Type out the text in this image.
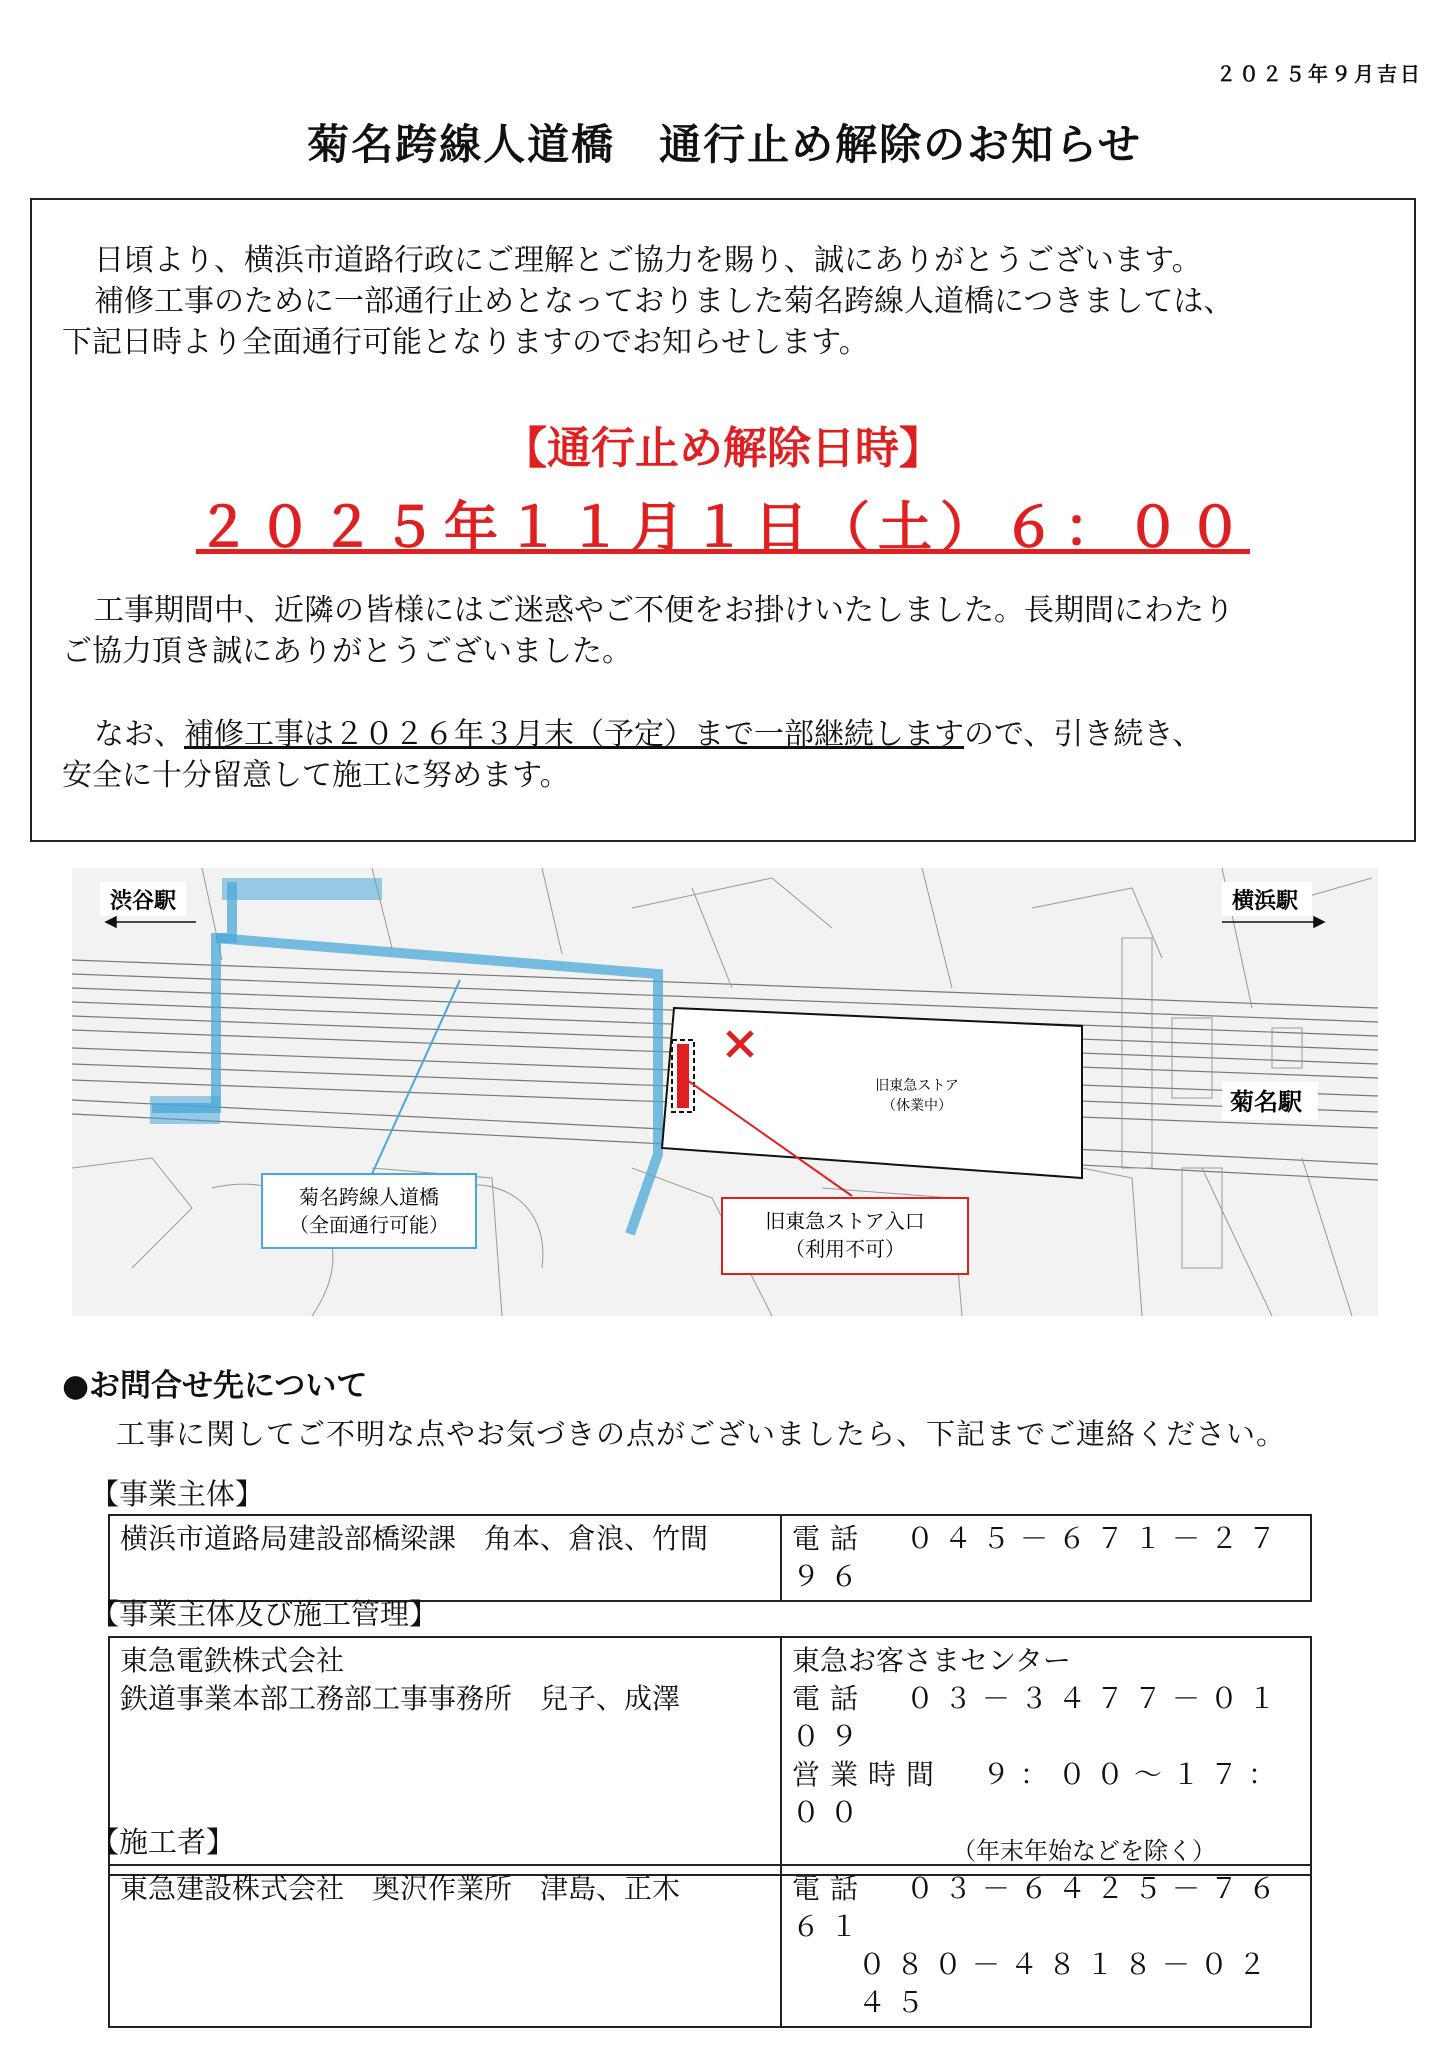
２０２５年９月吉日
菊名跨線人道橋　通行止め解除のお知らせ
　日頃より、横浜市道路行政にご理解とご協力を賜り、誠にありがとうございます。
　補修工事のために一部通行止めとなっておりました菊名跨線人道橋につきましては、
下記日時より全面通行可能となりますのでお知らせします。
【通行止め解除日時】
２０２５年１１月１日（土）６：００
　工事期間中、近隣の皆様にはご迷惑やご不便をお掛けいたしました。長期間にわたり
ご協力頂き誠にありがとうございました。
　なお、補修工事は２０２６年３月末（予定）まで一部継続しますので、引き続き、
安全に十分留意して施工に努めます。
旧東急ストア
（休業中）
渋谷駅	横浜駅
菊名駅
菊名跨線人道橋
（全面通行可能）	旧東急ストア入口
（利用不可）
●お問合せ先について
工事に関してご不明な点やお気づきの点がございましたら、下記までご連絡ください。
【事業主体】
横浜市道路局建設部橋梁課　角本、倉浪、竹間	電話　０４５－６７１－２７９６
【事業主体及び施工管理】
東急電鉄株式会社
鉄道事業本部工務部工事事務所　兒子、成澤

東急お客さまセンター
電話　０３－３４７７－０１０９
営業時間　９：００～１７：００
（年末年始などを除く）
【施工者】
東急建設株式会社　奥沢作業所　津島、正木	電話　０３－６４２５－７６６１
０８０－４８１８－０２４５
